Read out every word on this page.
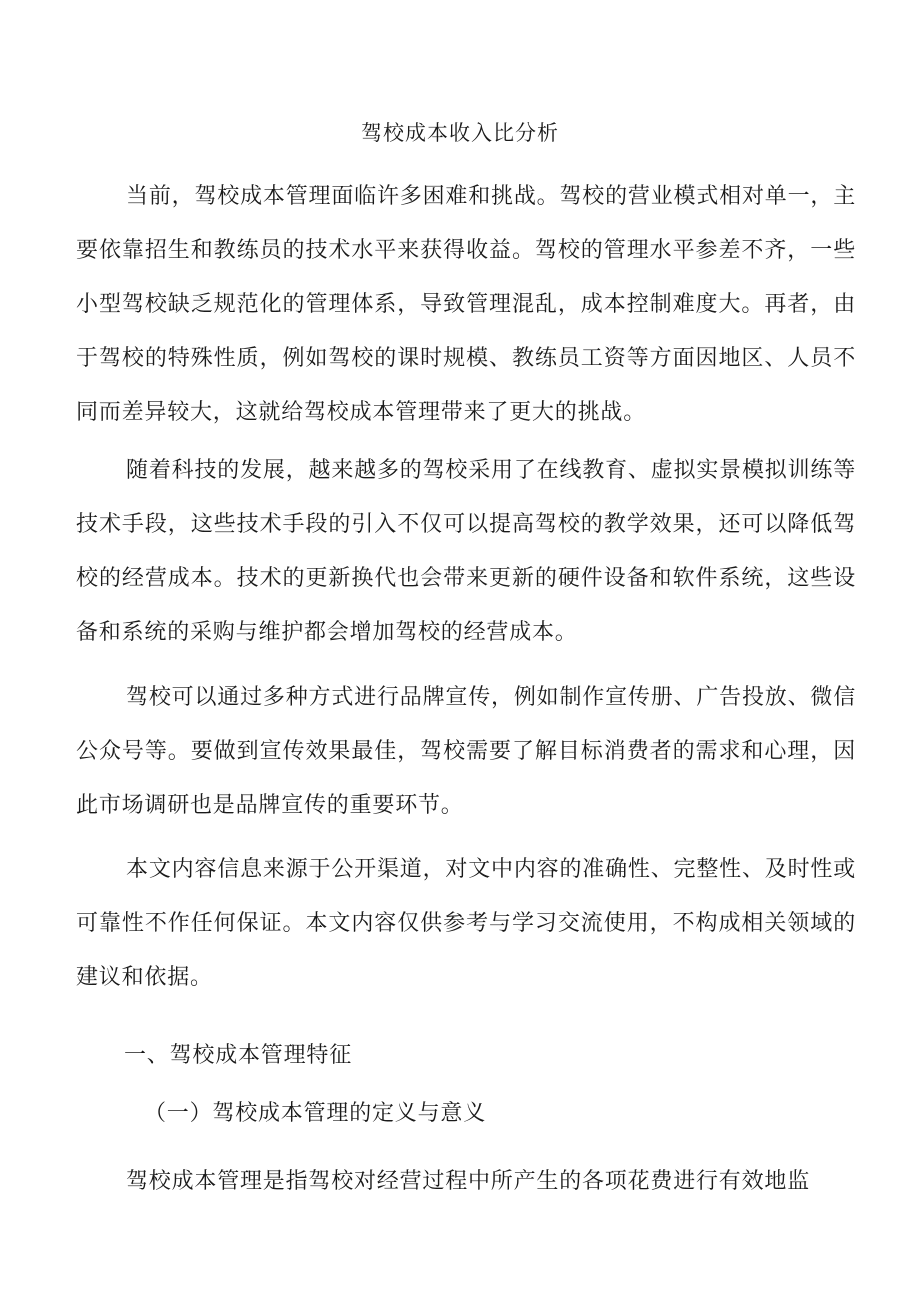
驾校成本收入比分析

当前，驾校成本管理面临许多困难和挑战。驾校的营业模式相对单一，主要依靠招生和教练员的技术水平来获得收益。驾校的管理水平参差不齐，一些小型驾校缺乏规范化的管理体系，导致管理混乱，成本控制难度大。再者，由于驾校的特殊性质，例如驾校的课时规模、教练员工资等方面因地区、人员不同而差异较大，这就给驾校成本管理带来了更大的挑战。

随着科技的发展，越来越多的驾校采用了在线教育、虚拟实景模拟训练等技术手段，这些技术手段的引入不仅可以提高驾校的教学效果，还可以降低驾校的经营成本。技术的更新换代也会带来更新的硬件设备和软件系统，这些设备和系统的采购与维护都会增加驾校的经营成本。

驾校可以通过多种方式进行品牌宣传，例如制作宣传册、广告投放、微信公众号等。要做到宣传效果最佳，驾校需要了解目标消费者的需求和心理，因此市场调研也是品牌宣传的重要环节。

本文内容信息来源于公开渠道，对文中内容的准确性、完整性、及时性或可靠性不作任何保证。本文内容仅供参考与学习交流使用，不构成相关领域的建议和依据。

一、驾校成本管理特征
（一）驾校成本管理的定义与意义

驾校成本管理是指驾校对经营过程中所产生的各项花费进行有效地监
